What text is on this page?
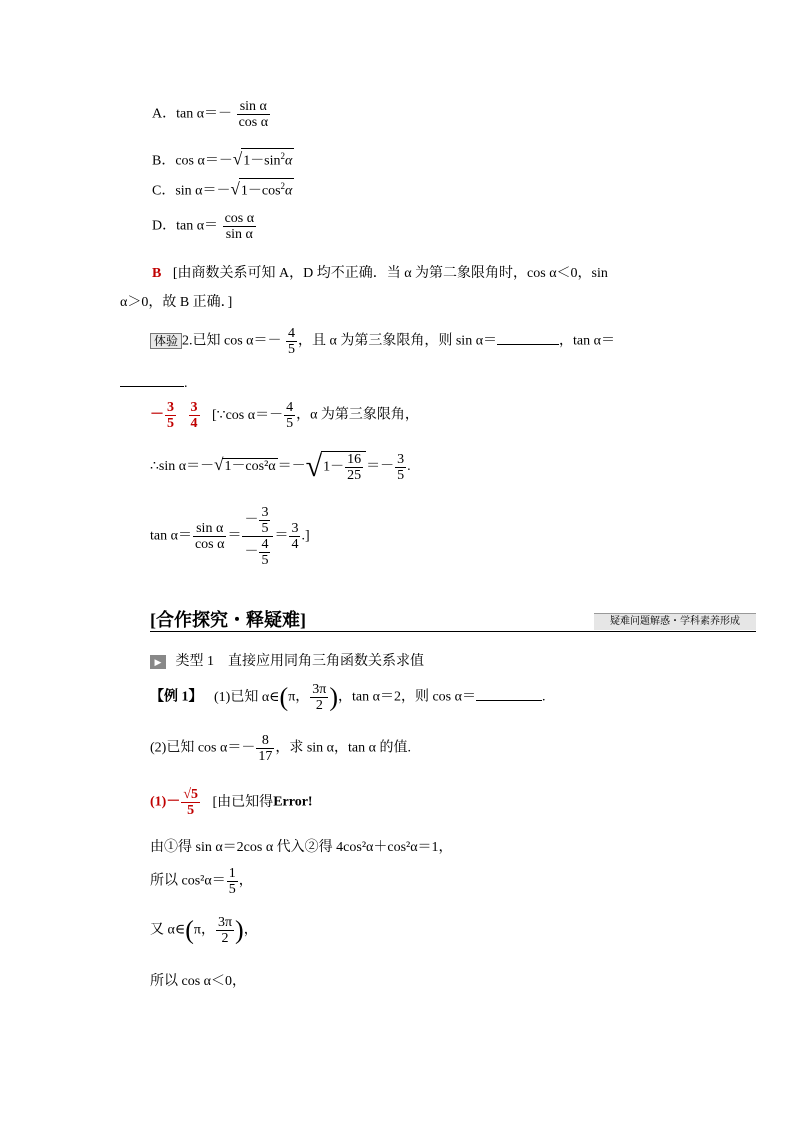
A．$\tan \alpha=- \frac{\text{sin α}}{\text{cos α}}$
B．$\cos \alpha=-√1-\sin^2\alpha$
C．$\sin \alpha=-√1-\cos^2\alpha$
D．$\tan \alpha= \frac{\text{cos α}}{\text{sin α}}$
B [由商数关系可知 A，D 均不正确．当 α 为第二象限角时，cos α＜0，sin
α＞0，故 B 正确．]
体验 2.已知 $\cos \alpha=- \frac{4}{5}$ ，且 α 为第三象限角，则 sin α＝	，tan α＝
.
－ $\frac{3}{5}$
$\frac{3}{4}$ [∵cos $\alpha=- \frac{4}{5}$ ，α 为第三象限角，
∴sin $\alpha=-√1-\cos^2\alpha =-√1- \frac{16}{25} =- \frac{3}{5}$ .
$\tan \alpha= \frac{\text{sin α}}{\text{cos α}} = \frac{- \frac{3}{5}}{- \frac{4}{5}} = \frac{3}{4}$ .]
[合作探究・释疑难]	疑难问题解惑・学科素养形成
▶ 类型 1　直接应用同角三角函数关系求值
【例 1】 (1)已知 α∈(π， $\frac{3\pi}{2}$ )，tan α＝2，则 cos α＝	.
(2)已知 $\cos \alpha=- \frac{8}{17}$ ，求 sin α，tan α 的值.
$(1)- \frac{√5}{5}$ [由已知得Error!
由①得 sin α＝2cos α 代入②得 4cos²α＋cos²α＝1，
所以 $\cos^2\alpha= \frac{1}{5}$ ，
又 α∈(π， $\frac{3\pi}{2}$ )，
所以 cos α＜0，
